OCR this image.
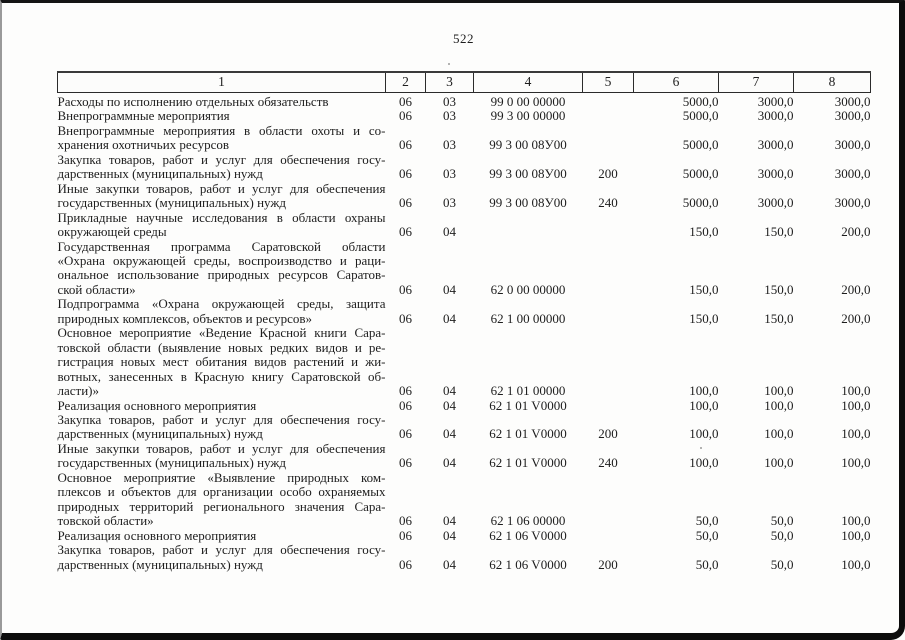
522
1	2	3	4	5	6	7	8

Расходы по исполнению отдельных обязательств	06	03	99 0 00 00000		5000,0	3000,0	3000,0

Внепрограммные мероприятия	06	03	99 3 00 00000		5000,0	3000,0	3000,0

Внепрограммные мероприятия в области охоты и со-
хранения охотничьих ресурсов	06	03	99 3 00 08У00		5000,0	3000,0	3000,0

Закупка товаров, работ и услуг для обеспечения госу-
дарственных (муниципальных) нужд	06	03	99 3 00 08У00	200	5000,0	3000,0	3000,0

Иные закупки товаров, работ и услуг для обеспечения
государственных (муниципальных) нужд	06	03	99 3 00 08У00	240	5000,0	3000,0	3000,0

Прикладные научные исследования в области охраны
окружающей среды	06	04			150,0	150,0	200,0

Государственная программа Саратовской области
«Охрана окружающей среды, воспроизводство и раци-
ональное использование природных ресурсов Саратов-
ской области»	06	04	62 0 00 00000		150,0	150,0	200,0

Подпрограмма «Охрана окружающей среды, защита
природных комплексов, объектов и ресурсов»	06	04	62 1 00 00000		150,0	150,0	200,0

Основное мероприятие «Ведение Красной книги Сара-
товской области (выявление новых редких видов и ре-
гистрация новых мест обитания видов растений и жи-
вотных, занесенных в Красную книгу Саратовской об-
ласти)»	06	04	62 1 01 00000		100,0	100,0	100,0

Реализация основного мероприятия	06	04	62 1 01 V0000		100,0	100,0	100,0

Закупка товаров, работ и услуг для обеспечения госу-
дарственных (муниципальных) нужд	06	04	62 1 01 V0000	200	100,0	100,0	100,0

Иные закупки товаров, работ и услуг для обеспечения
государственных (муниципальных) нужд	06	04	62 1 01 V0000	240	100,0	100,0	100,0

Основное мероприятие «Выявление природных ком-
плексов и объектов для организации особо охраняемых
природных территорий регионального значения Сара-
товской области»	06	04	62 1 06 00000		50,0	50,0	100,0

Реализация основного мероприятия	06	04	62 1 06 V0000		50,0	50,0	100,0

Закупка товаров, работ и услуг для обеспечения госу-
дарственных (муниципальных) нужд	06	04	62 1 06 V0000	200	50,0	50,0	100,0
